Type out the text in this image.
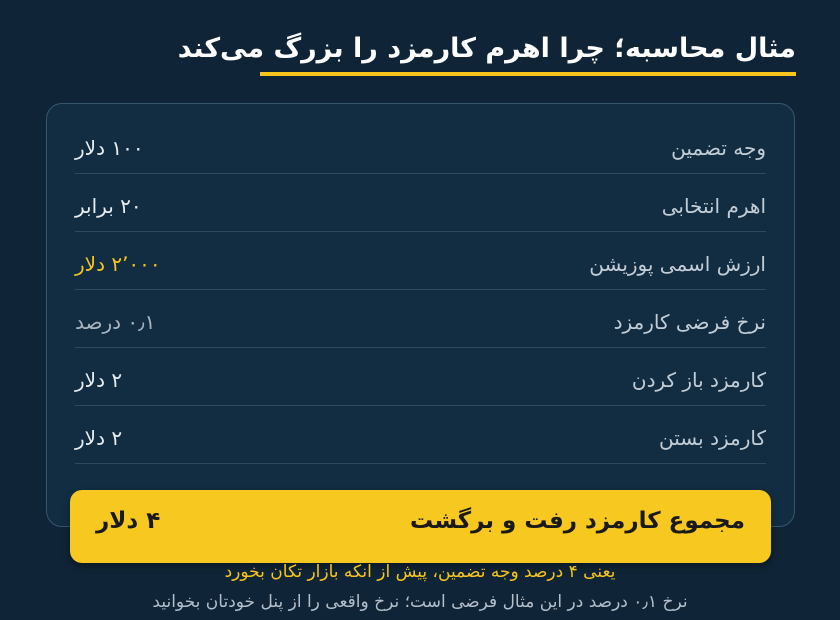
مثال محاسبه؛ چرا اهرم کارمزد را بزرگ می‌کند
وجه تضمین
۱۰۰ دلار
اهرم انتخابی
۲۰ برابر
ارزش اسمی پوزیشن
۲٬۰۰۰ دلار
نرخ فرضی کارمزد
۰٫۱ درصد
کارمزد باز کردن
۲ دلار
کارمزد بستن
۲ دلار
مجموع کارمزد رفت و برگشت
۴ دلار
یعنی ۴ درصد وجه تضمین، پیش از آنکه بازار تکان بخورد
نرخ ۰٫۱ درصد در این مثال فرضی است؛ نرخ واقعی را از پنل خودتان بخوانید
